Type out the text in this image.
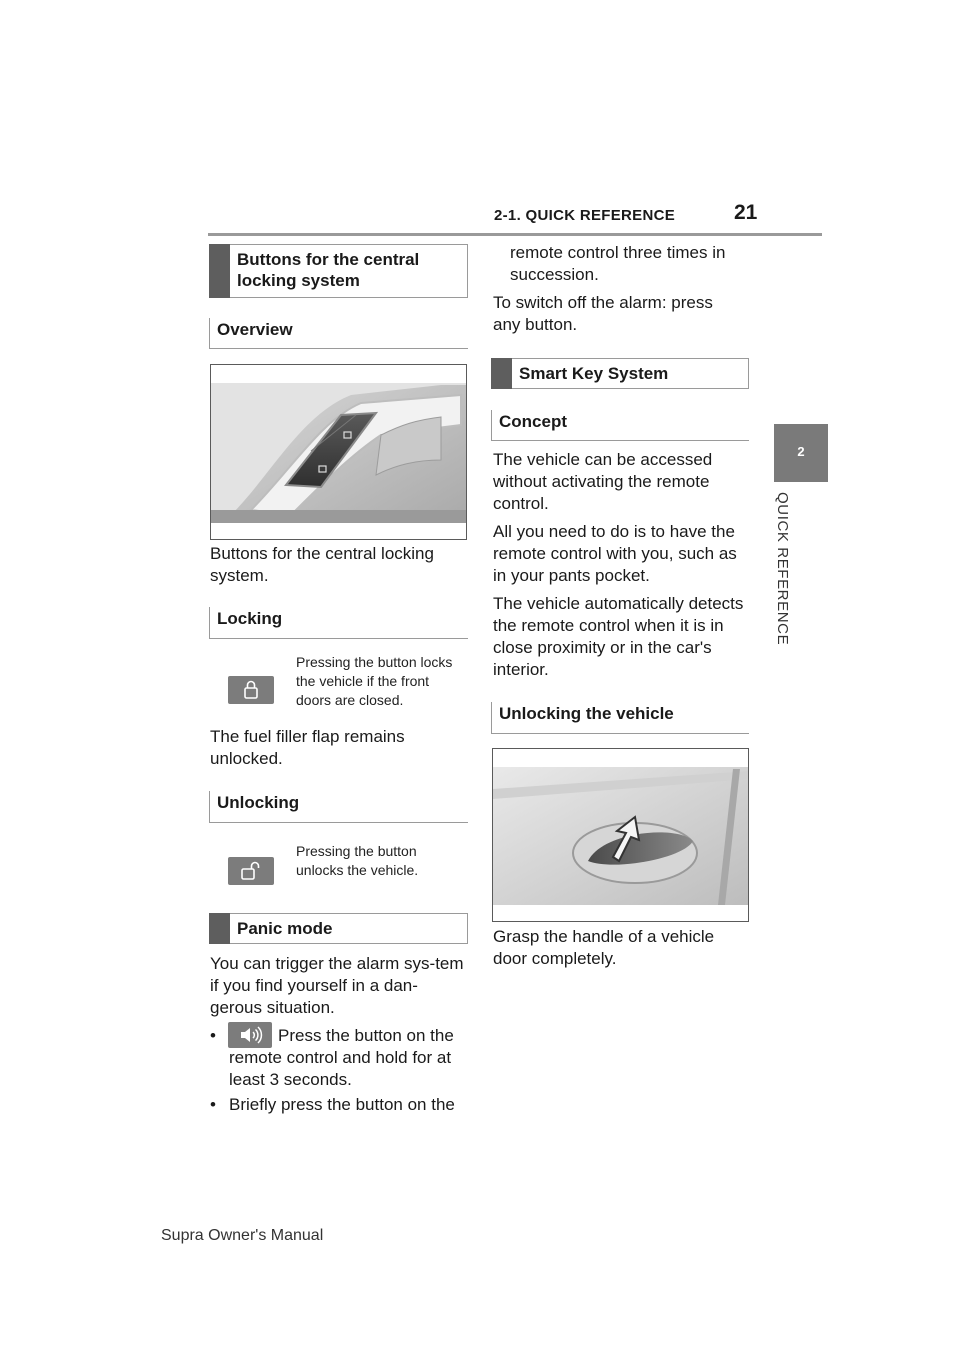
2-1. QUICK REFERENCE	21
2
QUICK REFERENCE
Buttons for the central locking system
Overview
Buttons for the central locking system.
Locking
Pressing the button locks the vehicle if the front doors are closed.
The fuel filler flap remains unlocked.
Unlocking
Pressing the button unlocks the vehicle.
Panic mode
You can trigger the alarm sys-tem if you find yourself in a dan-gerous situation.
•	Press the button on the remote control and hold for at least 3 seconds.
• Briefly press the button on the
remote control three times in succession.
To switch off the alarm: press any button.
Smart Key System
Concept
The vehicle can be accessed without activating the remote control.
All you need to do is to have the remote control with you, such as in your pants pocket.
The vehicle automatically detects the remote control when it is in close proximity or in the car's interior.
Unlocking the vehicle
Grasp the handle of a vehicle door completely.
Supra Owner's Manual
